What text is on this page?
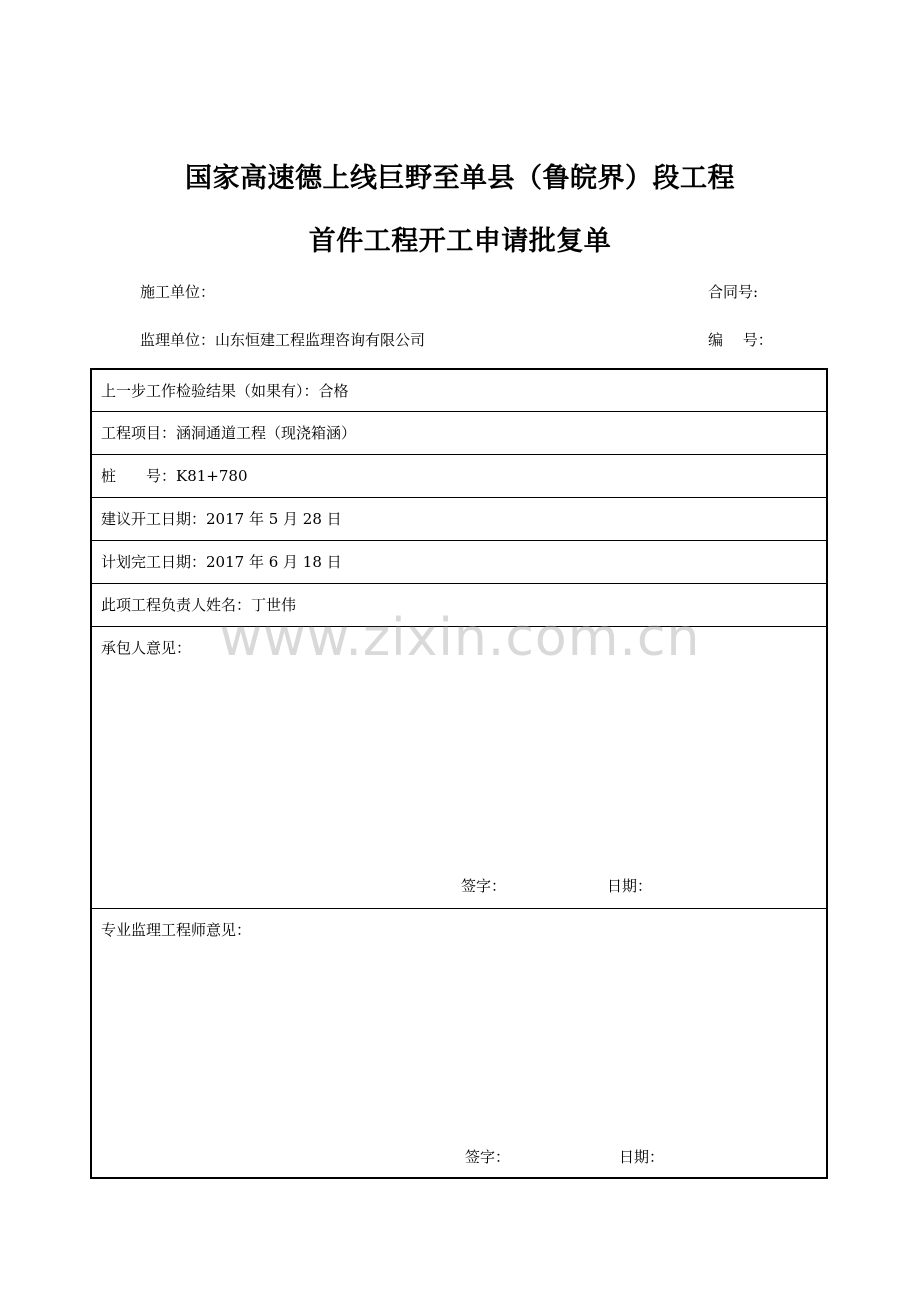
国家高速德上线巨野至单县（鲁皖界）段工程
首件工程开工申请批复单
施工单位：	合同号:
监理单位：山东恒建工程监理咨询有限公司	编　 号：
上一步工作检验结果（如果有）：合格
工程项目：涵洞通道工程（现浇箱涵）
桩　　号：K81+780
建议开工日期：2017 年 5 月 28 日
计划完工日期：2017 年 6 月 18 日
此项工程负责人姓名：丁世伟
承包人意见：
签字：	日期：
专业监理工程师意见：
签字：	日期：
www.zixin.com.cn
